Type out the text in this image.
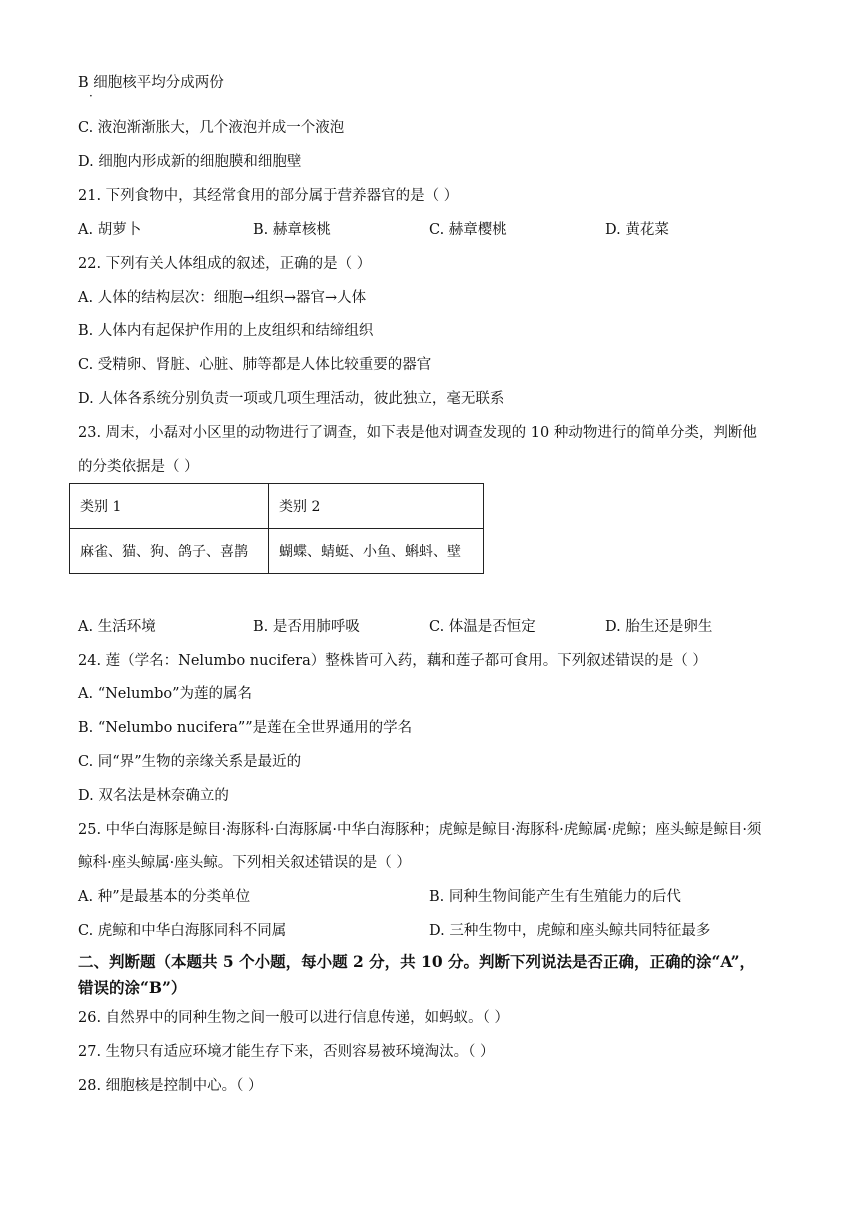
B 细胞核平均分成两份
·
C. 液泡渐渐胀大，几个液泡并成一个液泡
D. 细胞内形成新的细胞膜和细胞壁
21. 下列食物中，其经常食用的部分属于营养器官的是（ ）
A. 胡萝卜	B. 赫章核桃	C. 赫章樱桃	D. 黄花菜
22. 下列有关人体组成的叙述，正确的是（ ）
A. 人体的结构层次：细胞→组织→器官→人体
B. 人体内有起保护作用的上皮组织和结缔组织
C. 受精卵、肾脏、心脏、肺等都是人体比较重要的器官
D. 人体各系统分别负责一项或几项生理活动，彼此独立，毫无联系
23. 周末，小磊对小区里的动物进行了调查，如下表是他对调查发现的 10 种动物进行的简单分类，判断他
的分类依据是（ ）
类别 1	类别 2
麻雀、猫、狗、鸽子、喜鹊	蝴蝶、蜻蜓、小鱼、蝌蚪、壁
A. 生活环境	B. 是否用肺呼吸	C. 体温是否恒定	D. 胎生还是卵生
24. 莲（学名：Nelumbo nucifera）整株皆可入药，藕和莲子都可食用。下列叙述错误的是（ ）
A. “Nelumbo”为莲的属名
B. “Nelumbo nucifera””是莲在全世界通用的学名
C. 同“界”生物的亲缘关系是最近的
D. 双名法是林奈确立的
25. 中华白海豚是鲸目·海豚科·白海豚属·中华白海豚种；虎鲸是鲸目·海豚科·虎鲸属·虎鲸；座头鲸是鲸目·须
鲸科·座头鲸属·座头鲸。下列相关叙述错误的是（ ）
A. 种”是最基本的分类单位	B. 同种生物间能产生有生殖能力的后代
C. 虎鲸和中华白海豚同科不同属	D. 三种生物中，虎鲸和座头鲸共同特征最多
二、判断题（本题共 5 个小题，每小题 2 分，共 10 分。判断下列说法是否正确，正确的涂“A”，
错误的涂“B”）
26. 自然界中的同种生物之间一般可以进行信息传递，如蚂蚁。（ ）
27. 生物只有适应环境才能生存下来，否则容易被环境淘汰。（ ）
28. 细胞核是控制中心。（ ）
